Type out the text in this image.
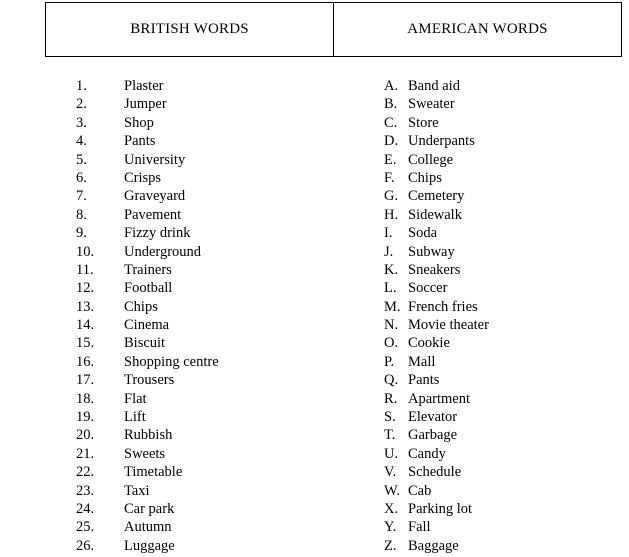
BRITISH WORDS	AMERICAN WORDS
1.	Plaster	A. Band aid
2.	Jumper	B. Sweater
3.	Shop	C. Store
4.	Pants	D. Underpants
5.	University	E. College
6.	Crisps	F. Chips
7.	Graveyard	G. Cemetery
8.	Pavement	H. Sidewalk
9.	Fizzy drink	I. Soda
10. Underground	J. Subway
11. Trainers	K. Sneakers
12. Football	L. Soccer
13. Chips	M. French fries
14. Cinema	N. Movie theater
15. Biscuit	O. Cookie
16. Shopping centre	P. Mall
17. Trousers	Q. Pants
18. Flat	R. Apartment
19. Lift	S. Elevator
20. Rubbish	T. Garbage
21. Sweets	U. Candy
22. Timetable	V. Schedule
23. Taxi	W. Cab
24. Car park	X. Parking lot
25. Autumn	Y. Fall
26. Luggage	Z. Baggage
